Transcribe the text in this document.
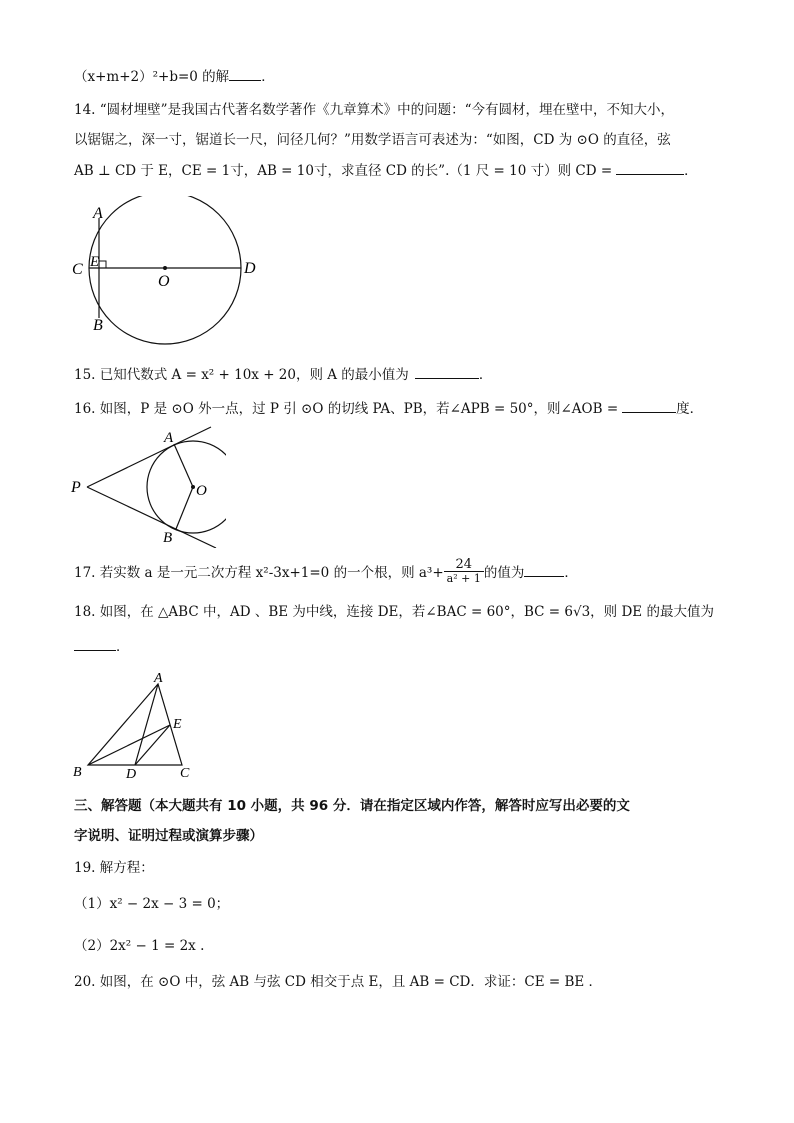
（x+m+2）²+b=0 的解 ．
14. “圆材埋壁”是我国古代著名数学著作《九章算术》中的问题：“今有圆材，埋在壁中，不知大小，
以锯锯之，深一寸，锯道长一尺，问径几何？”用数学语言可表述为：“如图，CD 为 ⊙O 的直径，弦
AB ⊥ CD 于 E，CE = 1寸，AB = 10寸，求直径 CD 的长”.（1 尺 = 10 寸）则 CD =	．
A
B
C	D
E
O
15. 已知代数式 A = x² + 10x + 20，则 A 的最小值为	．
16. 如图，P 是 ⊙O 外一点，过 P 引 ⊙O 的切线 PA、PB，若∠APB = 50°，则∠AOB =	度．
P
A
B
O
17. 若实数 a 是一元二次方程 x²-3x+1=0 的一个根，则 $a^3+ \frac{24}{\text{a² + 1}}$ 的值为	．
18. 如图，在 △ABC 中，AD 、BE 为中线，连接 DE，若∠BAC = 60°，BC = 6√3，则 DE 的最大值为
．
A
B	C
D
E
三、解答题（本大题共有 10 小题，共 96 分．请在指定区域内作答，解答时应写出必要的文
字说明、证明过程或演算步骤）
19. 解方程：
（1）x² − 2x − 3 = 0；
（2）2x² − 1 = 2x .
20. 如图，在 ⊙O 中，弦 AB 与弦 CD 相交于点 E，且 AB = CD．求证：CE = BE ．
